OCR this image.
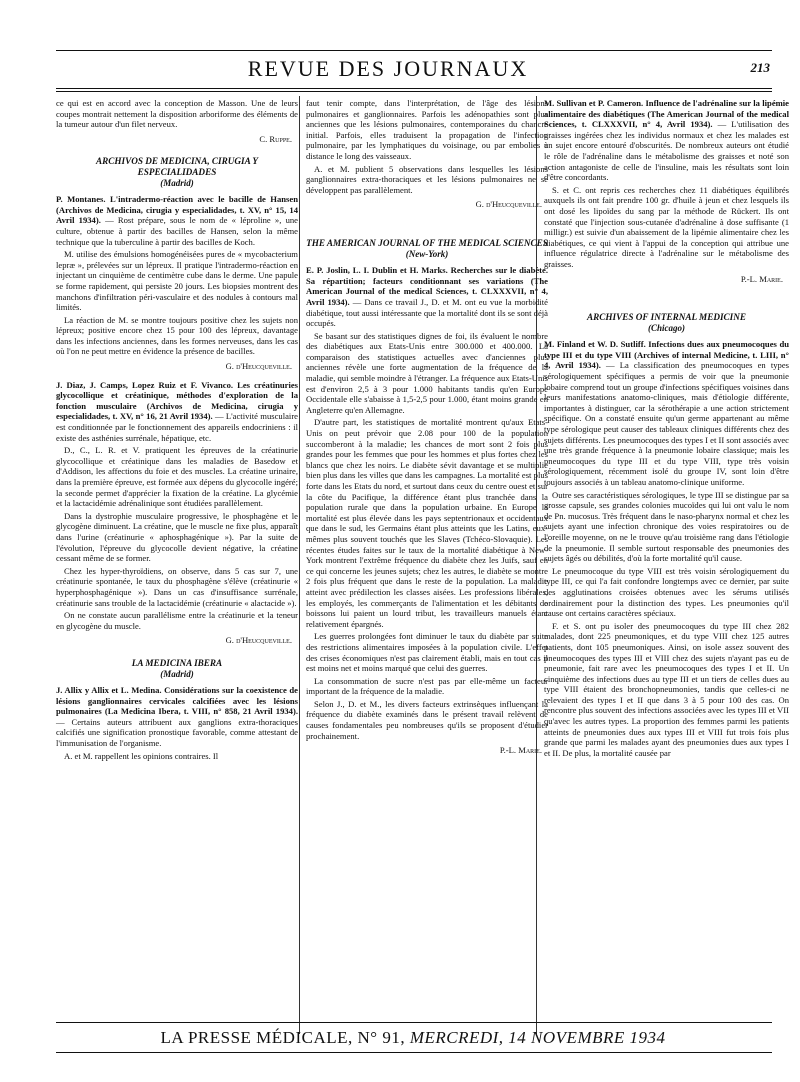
REVUE DES JOURNAUX	213

ce qui est en accord avec la conception de Masson. Une de leurs coupes montrait nettement la disposition arboriforme des éléments de la tumeur autour d'un filet nerveux.

C. Ruppe.
ARCHIVOS DE MEDICINA, CIRUGIA Y ESPECIALIDADES
(Madrid)

P. Montanes. L'intradermo-réaction avec le bacille de Hansen (Archivos de Medicina, cirugia y especialidades, t. XV, n° 15, 14 Avril 1934). — Rost prépare, sous le nom de « léproline », une culture, obtenue à partir des bacilles de Hansen, selon la même technique que la tuberculine à partir des bacilles de Koch.

M. utilise des émulsions homogénéisées pures de « mycobacterium lepræ », prélevées sur un lépreux. Il pratique l'intradermo-réaction en injectant un cinquième de centimètre cube dans le derme. Une papule se forme rapidement, qui persiste 20 jours. Les biopsies montrent des manchons d'infiltration péri-vasculaire et des nodules à contours mal limités.

La réaction de M. se montre toujours positive chez les sujets non lépreux; positive encore chez 15 pour 100 des lépreux, davantage dans les infections anciennes, dans les formes nerveuses, dans les cas où l'on ne peut mettre en évidence la présence de bacilles.

G. d'Heucqueville.

J. Diaz, J. Camps, Lopez Ruiz et F. Vivanco. Les créatinuries glycocollique et créatinique, méthodes d'exploration de la fonction musculaire (Archivos de Medicina, cirugia y especialidades, t. XV, n° 16, 21 Avril 1934). — L'activité musculaire est conditionnée par le fonctionnement des appareils endocriniens : il existe des asthénies surrénale, hépatique, etc.

D., C., L. R. et V. pratiquent les épreuves de la créatinurie glycocollique et créatinique dans les maladies de Basedow et d'Addison, les affections du foie et des muscles. La créatine urinaire, dans la première épreuve, est formée aux dépens du glycocolle ingéré; la seconde permet d'apprécier la fixation de la créatine. La glycémie et la lactacidémie adrénalinique sont étudiées parallèlement.

Dans la dystrophie musculaire progressive, le phosphagène et le glycogène diminuent. La créatine, que le muscle ne fixe plus, apparaît dans l'urine (créatinurie « aphosphagénique »). Par la suite de l'évolution, l'épreuve du glycocolle devient négative, la créatine cessant même de se former.

Chez les hyper-thyroïdiens, on observe, dans 5 cas sur 7, une créatinurie spontanée, le taux du phosphagène s'élève (créatinurie « hyperphosphagénique »). Dans un cas d'insuffisance surrénale, créatinurie sans trouble de la lactacidémie (créatinurie « alactacide »).

On ne constate aucun parallélisme entre la créatinurie et la teneur en glycogène du muscle.

G. d'Heucqueville.
LA MEDICINA IBERA
(Madrid)

J. Allix y Allix et L. Medina. Considérations sur la coexistence de lésions ganglionnaires cervicales calcifiées avec les lésions pulmonaires (La Medicina Ibera, t. VIII, n° 858, 21 Avril 1934). — Certains auteurs attribuent aux ganglions extra-thoraciques calcifiés une signification pronostique favorable, comme attestant de l'immunisation de l'organisme.

A. et M. rappellent les opinions contraires. Il

faut tenir compte, dans l'interprétation, de l'âge des lésions pulmonaires et ganglionnaires. Parfois les adénopathies sont plus anciennes que les lésions pulmonaires, contemporaines du chancre initial. Parfois, elles traduisent la propagation de l'infection pulmonaire, par les lymphatiques du voisinage, ou par embolies à distance le long des vaisseaux.

A. et M. publient 5 observations dans lesquelles les lésions ganglionnaires extra-thoraciques et les lésions pulmonaires ne se développent pas parallèlement.

G. d'Heucqueville.
THE AMERICAN JOURNAL OF THE MEDICAL SCIENCES
(New-York)

E. P. Joslin, L. I. Dublin et H. Marks. Recherches sur le diabète. Sa répartition; facteurs conditionnant ses variations (The American Journal of the medical Sciences, t. CLXXXVII, n° 4, Avril 1934). — Dans ce travail J., D. et M. ont eu vue la morbidité diabétique, tout aussi intéressante que la mortalité dont ils se sont déjà occupés.

Se basant sur des statistiques dignes de foi, ils évaluent le nombre des diabétiques aux Etats-Unis entre 300.000 et 400.000. La comparaison des statistiques actuelles avec d'anciennes plus anciennes révèle une forte augmentation de la fréquence de la maladie, qui semble moindre à l'étranger. La fréquence aux Etats-Unis est d'environ 2,5 à 3 pour 1.000 habitants tandis qu'en Europe Occidentale elle s'abaisse à 1,5-2,5 pour 1.000, étant moins grande en Angleterre qu'en Allemagne.

D'autre part, les statistiques de mortalité montrent qu'aux Etats-Unis on peut prévoir que 2.08 pour 100 de la population succomberont à la maladie; les chances de mort sont 2 fois plus grandes pour les femmes que pour les hommes et plus fortes chez les blancs que chez les noirs. Le diabète sévit davantage et se multiplie bien plus dans les villes que dans les campagnes. La mortalité est plus forte dans les Etats du nord, et surtout dans ceux du centre ouest et sur la côte du Pacifique, la différence étant plus tranchée dans la population rurale que dans la population urbaine. En Europe la mortalité est plus élevée dans les pays septentrionaux et occidentaux que dans le sud, les Germains étant plus atteints que les Latins, eux-mêmes plus souvent touchés que les Slaves (Tchéco-Slovaquie). Les récentes études faites sur le taux de la mortalité diabétique à New-York montrent l'extrême fréquence du diabète chez les Juifs, sauf en ce qui concerne les jeunes sujets; chez les autres, le diabète se montre 2 fois plus fréquent que dans le reste de la population. La maladie atteint avec prédilection les classes aisées. Les professions libérales, les employés, les commerçants de l'alimentation et les débitants de boissons lui paient un lourd tribut, les travailleurs manuels étant relativement épargnés.

Les guerres prolongées font diminuer le taux du diabète par suite des restrictions alimentaires imposées à la population civile. L'effet des crises économiques n'est pas clairement établi, mais en tout cas il est moins net et moins marqué que celui des guerres.

La consommation de sucre n'est pas par elle-même un facteur important de la fréquence de la maladie.

Selon J., D. et M., les divers facteurs extrinsèques influençant la fréquence du diabète examinés dans le présent travail relèvent de causes fondamentales peu nombreuses qu'ils se proposent d'étudier prochainement.

P.-L. Marie.

M. Sullivan et P. Cameron. Influence de l'adrénaline sur la lipémie alimentaire des diabétiques (The American Journal of the medical Sciences, t. CLXXXVII, n° 4, Avril 1934). — L'utilisation des graisses ingérées chez les individus normaux et chez les malades est un sujet encore entouré d'obscurités. De nombreux auteurs ont étudié le rôle de l'adrénaline dans le métabolisme des graisses et noté son action antagoniste de celle de l'insuline, mais les résultats sont loin d'être concordants.

S. et C. ont repris ces recherches chez 11 diabétiques équilibrés auxquels ils ont fait prendre 100 gr. d'huile à jeun et chez lesquels ils ont dosé les lipoïdes du sang par la méthode de Rückert. Ils ont constaté que l'injection sous-cutanée d'adrénaline à dose suffisante (1 milligr.) est suivie d'un abaissement de la lipémie alimentaire chez les diabétiques, ce qui vient à l'appui de la conception qui attribue une influence régulatrice directe à l'adrénaline sur le métabolisme des graisses.

P.-L. Marie.
ARCHIVES OF INTERNAL MEDICINE
(Chicago)

M. Finland et W. D. Sutliff. Infections dues aux pneumocoques du type III et du type VIII (Archives of internal Medicine, t. LIII, n° 4, Avril 1934). — La classification des pneumocoques en types sérologiquement spécifiques a permis de voir que la pneumonie lobaire comprend tout un groupe d'infections spécifiques voisines dans leurs manifestations anatomo-cliniques, mais d'étiologie différente, importantes à distinguer, car la sérothérapie a une action strictement spécifique. On a constaté ensuite qu'un germe appartenant au même type sérologique peut causer des tableaux cliniques différents chez des sujets différents. Les pneumocoques des types I et II sont associés avec une très grande fréquence à la pneumonie lobaire classique; mais les pneumocoques du type III et du type VIII, type très voisin sérologiquement, récemment isolé du groupe IV, sont loin d'être toujours associés à un tableau anatomo-clinique uniforme.

Outre ses caractéristiques sérologiques, le type III se distingue par sa grosse capsule, ses grandes colonies mucoïdes qui lui ont valu le nom de Pn. mucosus. Très fréquent dans le naso-pharynx normal et chez les sujets ayant une infection chronique des voies respiratoires ou de l'oreille moyenne, on ne le trouve qu'au troisième rang dans l'étiologie de la pneumonie. Il semble surtout responsable des pneumonies des sujets âgés ou débilités, d'où la forte mortalité qu'il cause.

Le pneumocoque du type VIII est très voisin sérologiquement du type III, ce qui l'a fait confondre longtemps avec ce dernier, par suite des agglutinations croisées obtenues avec les sérums utilisés ordinairement pour la distinction des types. Les pneumonies qu'il cause ont certains caractères spéciaux.

F. et S. ont pu isoler des pneumocoques du type III chez 282 malades, dont 225 pneumoniques, et du type VIII chez 125 autres patients, dont 105 pneumoniques. Ainsi, on isole assez souvent des pneumocoques des types III et VIII chez des sujets n'ayant pas eu de pneumonie, fait rare avec les pneumocoques des types I et II. Un cinquième des infections dues au type III et un tiers de celles dues au type VIII étaient des bronchopneumonies, tandis que celles-ci ne relevaient des types I et II que dans 3 à 5 pour 100 des cas. On rencontre plus souvent des infections associées avec les types III et VII qu'avec les autres types. La proportion des femmes parmi les patients atteints de pneumonies dues aux types III et VIII fut trois fois plus grande que parmi les malades ayant des pneumonies dues aux types I et II. De plus, la mortalité causée par

LA PRESSE MÉDICALE, N° 91, MERCREDI, 14 NOVEMBRE 1934
